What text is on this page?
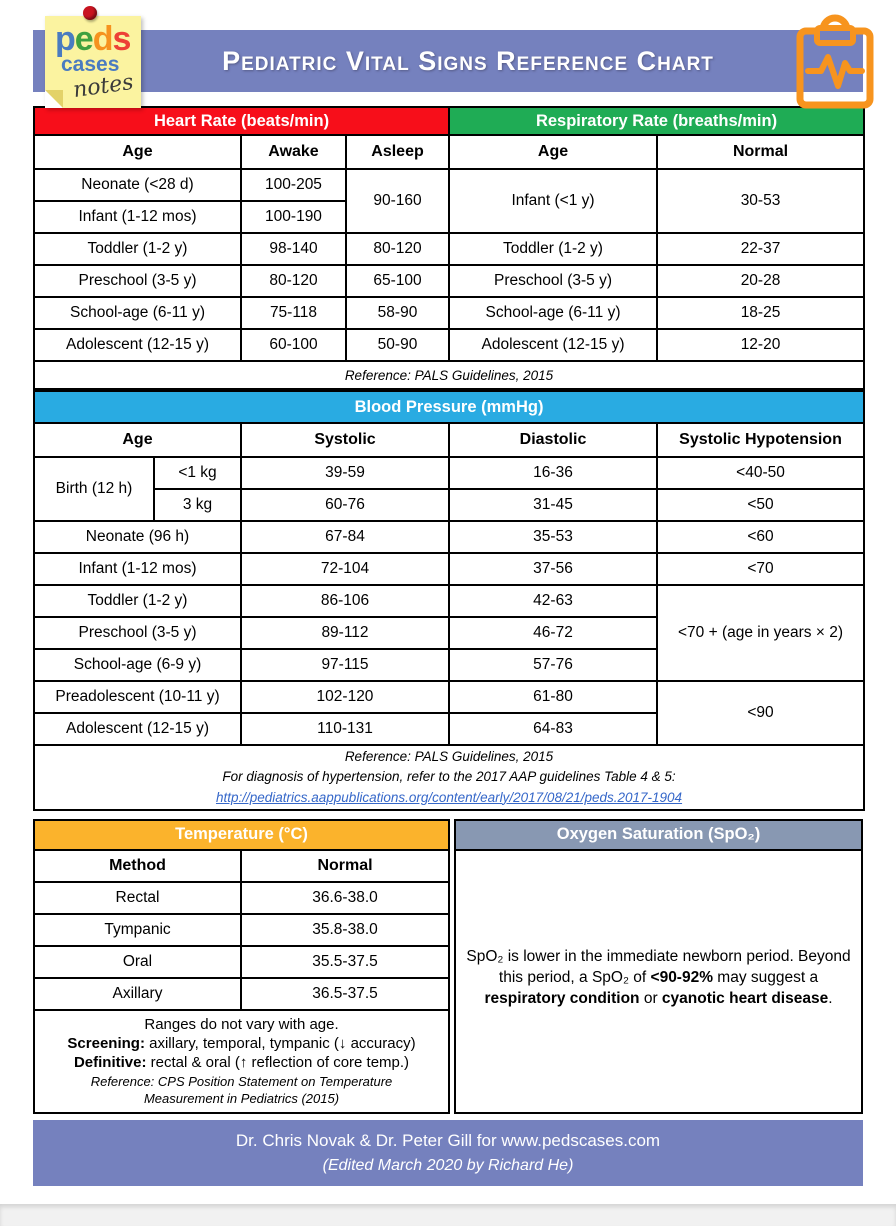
peds
cases
notes
Pediatric Vital Signs Reference Chart
Heart Rate (beats/min)			Respiratory Rate (breaths/min)	
Age	Awake	Asleep	Age	Normal
Neonate (<28 d)	100-205	90-160	Infant (<1 y)	30-53
Infant (1-12 mos)	100-190			
Toddler (1-2 y)	98-140	80-120	Toddler (1-2 y)	22-37
Preschool (3-5 y)	80-120	65-100	Preschool (3-5 y)	20-28
School-age (6-11 y)	75-118	58-90	School-age (6-11 y)	18-25
Adolescent (12-15 y)	60-100	50-90	Adolescent (12-15 y)	12-20
Reference: PALS Guidelines, 2015				
Blood Pressure (mmHg)				
Age		Systolic	Diastolic	Systolic Hypotension
Birth (12 h)	<1 kg	39-59	16-36	<40-50
	3 kg	60-76	31-45	<50
Neonate (96 h)		67-84	35-53	<60
Infant (1-12 mos)		72-104	37-56	<70
Toddler (1-2 y)		86-106	42-63	<70 + (age in years × 2)
Preschool (3-5 y)		89-112	46-72	
School-age (6-9 y)		97-115	57-76	
Preadolescent (10-11 y)		102-120	61-80	<90
Adolescent (12-15 y)		110-131	64-83	

Reference: PALS Guidelines, 2015
For diagnosis of hypertension, refer to the 2017 AAP guidelines Table 4 & 5:
http://pediatrics.aappublications.org/content/early/2017/08/21/peds.2017-1904				
Temperature (°C)	
Method	Normal
Rectal	36.6-38.0
Tympanic	35.8-38.0
Oral	35.5-37.5
Axillary	36.5-37.5

Ranges do not vary with age.
Screening: axillary, temporal, tympanic (↓ accuracy)
Definitive: rectal & oral (↑ reflection of core temp.)
Reference: CPS Position Statement on Temperature Measurement in Pediatrics (2015)	
Oxygen Saturation (SpO₂)
SpO₂ is lower in the immediate newborn period. Beyond this period, a SpO₂ of <90-92% may suggest a respiratory condition or cyanotic heart disease.
Dr. Chris Novak & Dr. Peter Gill for www.pedscases.com
(Edited March 2020 by Richard He)
